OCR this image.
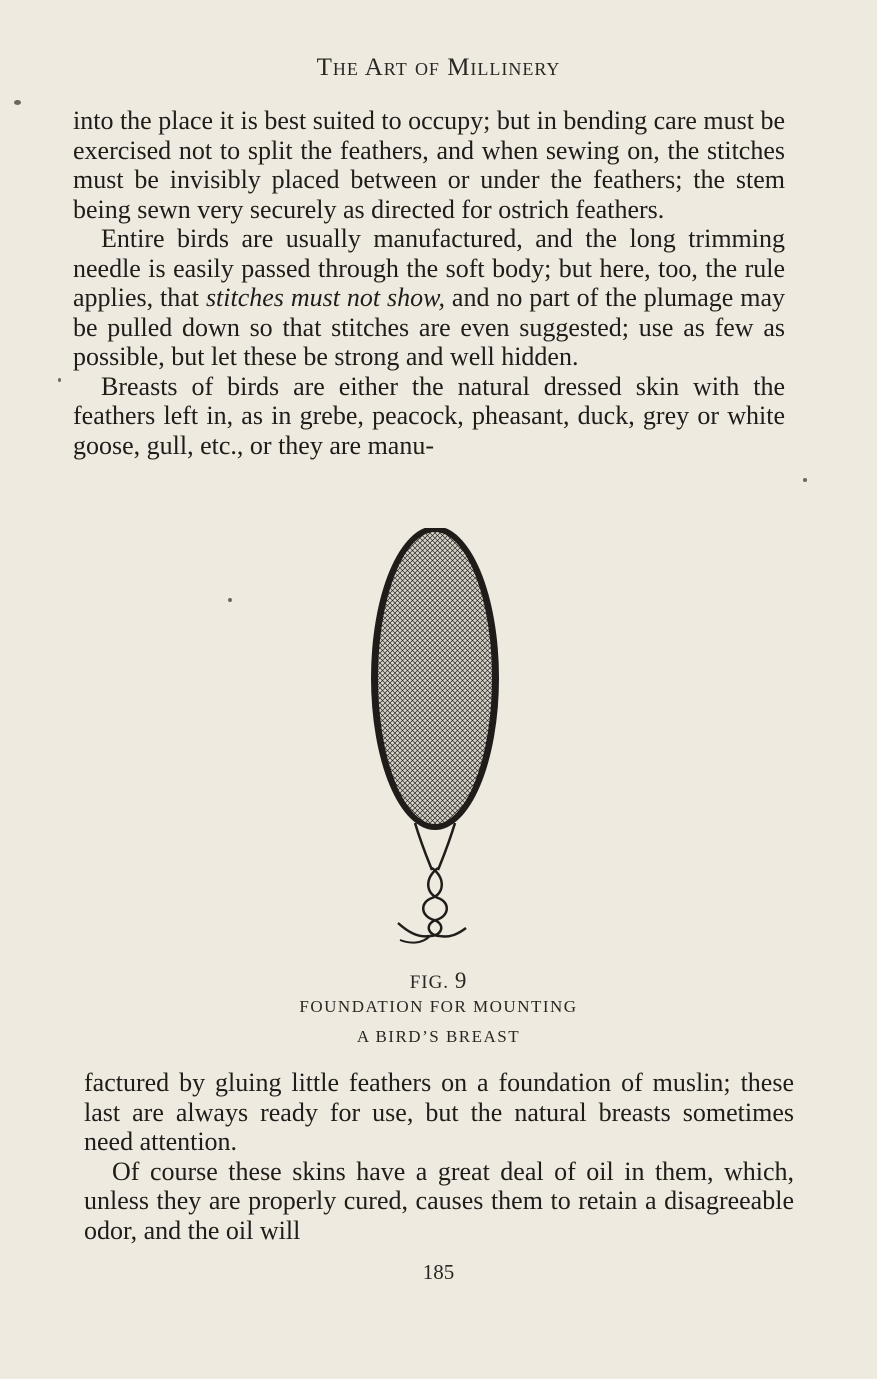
The Art of Millinery

into the place it is best suited to occupy; but in bending care must be exercised not to split the feathers, and when sewing on, the stitches must be invisibly placed between or under the feathers; the stem being sewn very securely as directed for ostrich feathers.

Entire birds are usually manufactured, and the long trimming needle is easily passed through the soft body; but here, too, the rule applies, that stitches must not show, and no part of the plumage may be pulled down so that stitches are even suggested; use as few as possible, but let these be strong and well hidden.

Breasts of birds are either the natural dressed skin with the feathers left in, as in grebe, peacock, pheasant, duck, grey or white goose, gull, etc., or they are manu-

FIG. 9
FOUNDATION FOR MOUNTING
A BIRD’S BREAST

factured by gluing little feathers on a foundation of muslin; these last are always ready for use, but the natural breasts sometimes need attention.

Of course these skins have a great deal of oil in them, which, unless they are properly cured, causes them to retain a disagreeable odor, and the oil will

185
